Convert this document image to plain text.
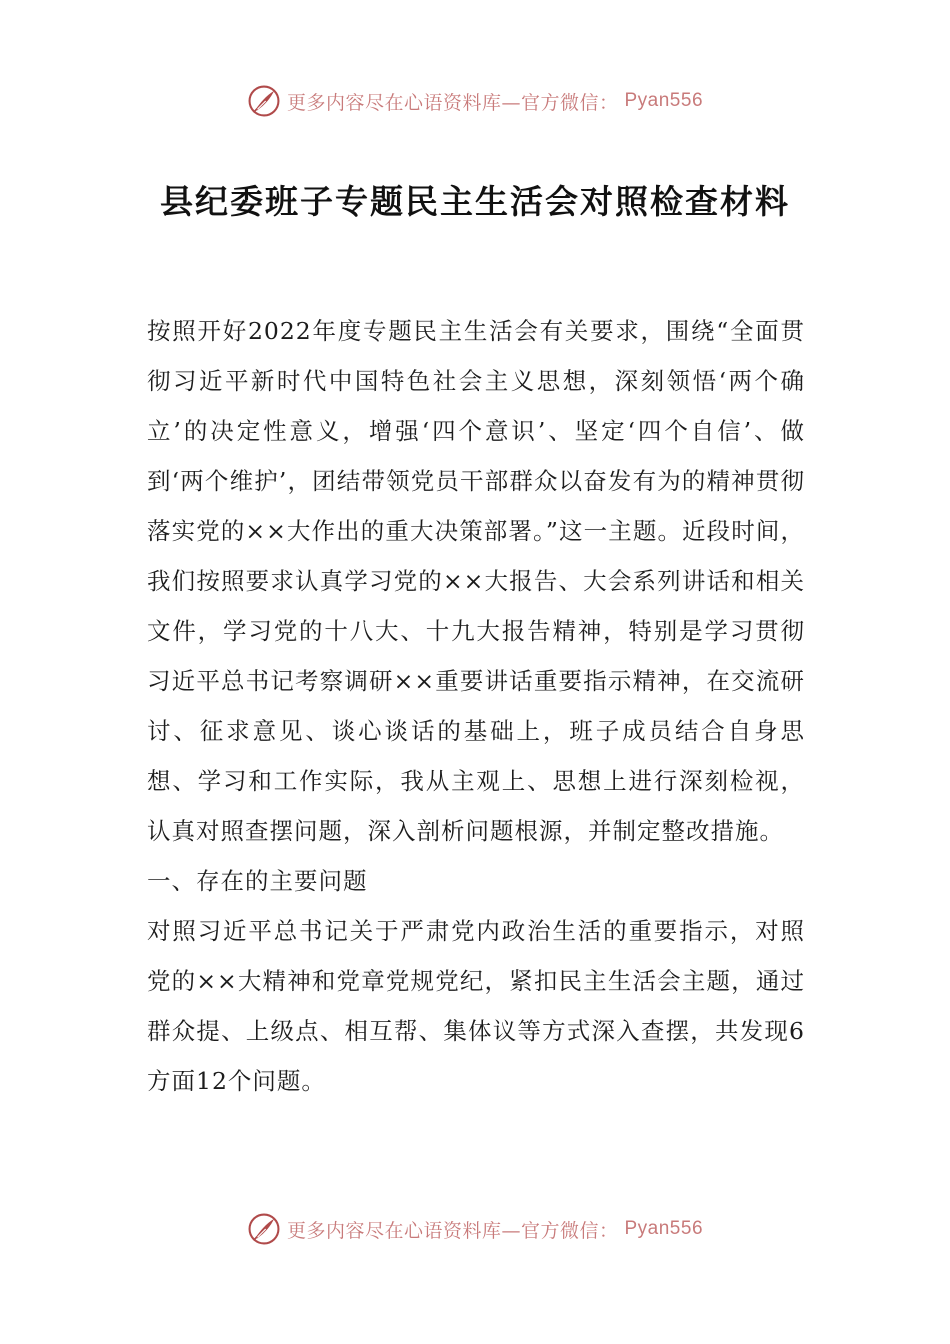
更多内容尽在心语资料库—官方微信： Pyan556
县纪委班子专题民主生活会对照检查材料

按照开好2022年度专题民主生活会有关要求，围绕“全面贯彻习近平新时代中国特色社会主义思想，深刻领悟‘两个确立’的决定性意义，增强‘四个意识’、坚定‘四个自信’、做到‘两个维护’，团结带领党员干部群众以奋发有为的精神贯彻落实党的××大作出的重大决策部署。”这一主题。近段时间，我们按照要求认真学习党的××大报告、大会系列讲话和相关文件，学习党的十八大、十九大报告精神，特别是学习贯彻习近平总书记考察调研××重要讲话重要指示精神，在交流研讨、征求意见、谈心谈话的基础上，班子成员结合自身思想、学习和工作实际，我从主观上、思想上进行深刻检视，认真对照查摆问题，深入剖析问题根源，并制定整改措施。

一、存在的主要问题

对照习近平总书记关于严肃党内政治生活的重要指示，对照党的××大精神和党章党规党纪，紧扣民主生活会主题，通过群众提、上级点、相互帮、集体议等方式深入查摆，共发现6方面12个问题。

更多内容尽在心语资料库—官方微信： Pyan556
